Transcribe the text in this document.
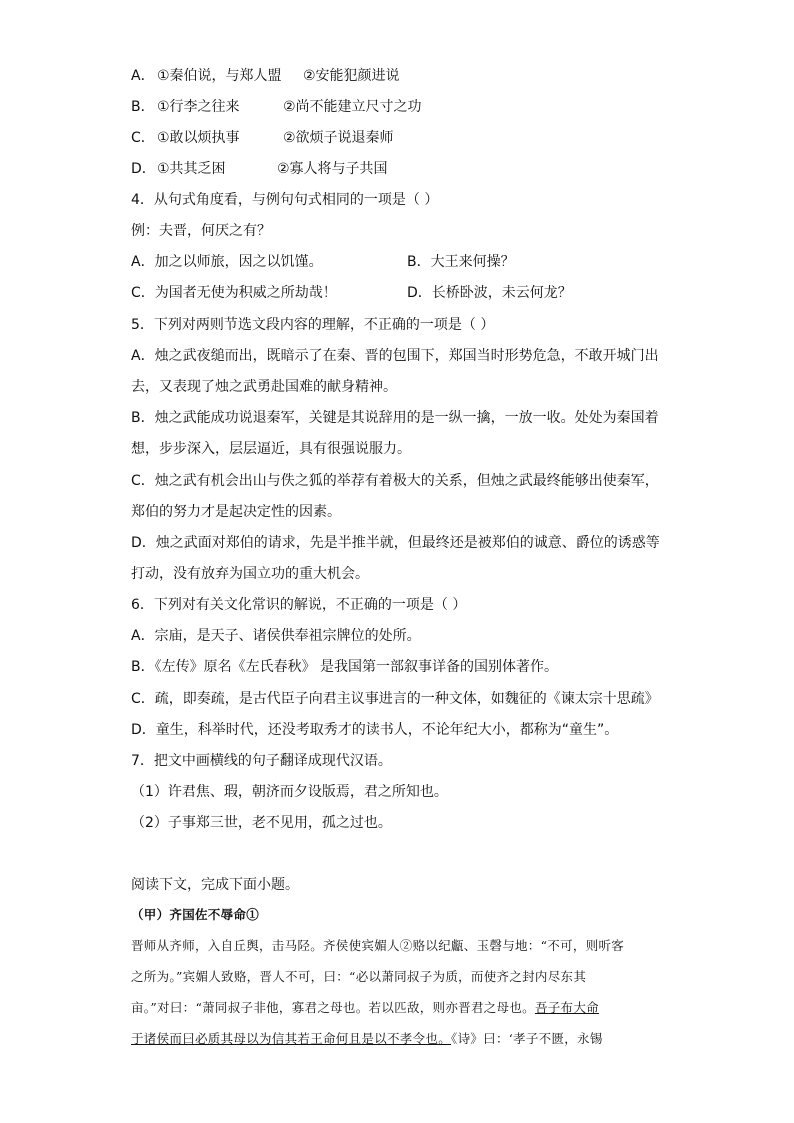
A． ①秦伯说，与郑人盟 ②安能犯颜进说
B． ①行李之往来	②尚不能建立尺寸之功
C． ①敢以烦执事	②欲烦子说退秦师
D． ①共其乏困	②寡人将与子共国
4．从句式角度看，与例句句式相同的一项是（ ）
例：夫晋，何厌之有？
A．加之以师旅，因之以饥馑。	B．大王来何操？
C．为国者无使为积威之所劫哉！	D．长桥卧波，未云何龙？
5．下列对两则节选文段内容的理解，不正确的一项是（ ）
A．烛之武夜缒而出，既暗示了在秦、晋的包围下，郑国当时形势危急，不敢开城门出
去，又表现了烛之武勇赴国难的献身精神。
B．烛之武能成功说退秦军，关键是其说辞用的是一纵一擒，一放一收。处处为秦国着
想，步步深入，层层逼近，具有很强说服力。
C．烛之武有机会出山与佚之狐的举荐有着极大的关系，但烛之武最终能够出使秦军，
郑伯的努力才是起决定性的因素。
D．烛之武面对郑伯的请求，先是半推半就，但最终还是被郑伯的诚意、爵位的诱惑等
打动，没有放弃为国立功的重大机会。
6．下列对有关文化常识的解说，不正确的一项是（ ）
A．宗庙，是天子、诸侯供奉祖宗牌位的处所。
B．《左传》原名《左氏春秋》 是我国第一部叙事详备的国别体著作。
C．疏，即奏疏，是古代臣子向君主议事进言的一种文体，如魏征的《谏太宗十思疏》
D．童生，科举时代，还没考取秀才的读书人，不论年纪大小，都称为“童生”。
7．把文中画横线的句子翻译成现代汉语。
（1）许君焦、瑕，朝济而夕设版焉，君之所知也。
（2）子事郑三世，老不见用，孤之过也。
阅读下文，完成下面小题。
（甲）齐国佐不辱命①
晋师从齐师，入自丘舆，击马陉。齐侯使宾媚人②赂以纪甗、玉磬与地：“不可，则听客
之所为。”宾媚人致赂，晋人不可，曰：“必以萧同叔子为质，而使齐之封内尽东其
亩。”对曰：“萧同叔子非他，寡君之母也。若以匹敌，则亦晋君之母也。吾子布大命
于诸侯而曰必质其母以为信其若王命何且是以不孝令也。《诗》曰：‘孝子不匮，永锡
